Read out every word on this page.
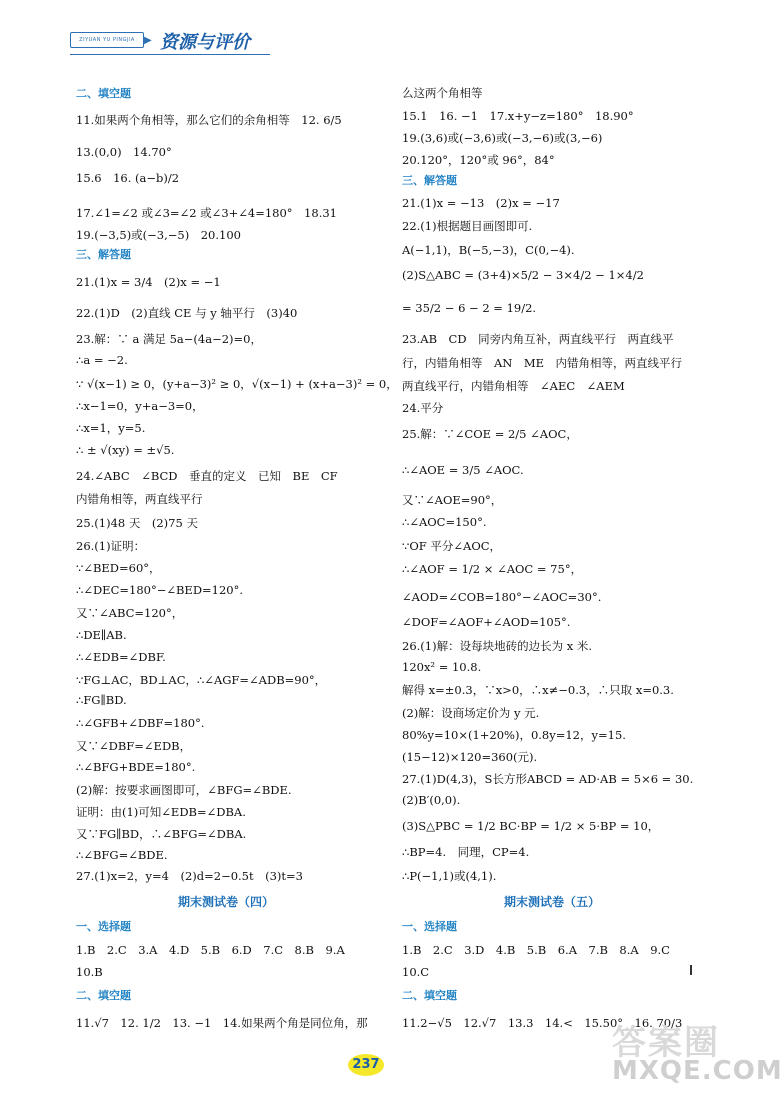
ZIYUAN YU PINGJIA ▶ 资源与评价
二、填空题
11.如果两个角相等，那么它们的余角相等　12. 6/5
13.(0,0)　14.70°
15.6　16. (a−b)/2
17.∠1=∠2 或∠3=∠2 或∠3+∠4=180°　18.31
19.(−3,5)或(−3,−5)　20.100
三、解答题
21.(1)x = 3/4　(2)x = −1
22.(1)D　(2)直线 CE 与 y 轴平行　(3)40
23.解：∵ a 满足 5a−(4a−2)=0，
∴a = −2.
∵ √(x−1) ≥ 0，(y+a−3)² ≥ 0，√(x−1) + (x+a−3)² = 0，
∴x−1=0，y+a−3=0，
∴x=1，y=5.
∴ ± √(xy) = ±√5.
24.∠ABC　∠BCD　垂直的定义　已知　BE　CF
内错角相等，两直线平行
25.(1)48 天　(2)75 天
26.(1)证明：
∵∠BED=60°，
∴∠DEC=180°−∠BED=120°.
又∵∠ABC=120°，
∴DE∥AB.
∴∠EDB=∠DBF.
∵FG⊥AC，BD⊥AC，∴∠AGF=∠ADB=90°，
∴FG∥BD.
∴∠GFB+∠DBF=180°.
又∵∠DBF=∠EDB，
∴∠BFG+BDE=180°.
(2)解：按要求画图即可，∠BFG=∠BDE.
证明：由(1)可知∠EDB=∠DBA.
又∵FG∥BD，∴∠BFG=∠DBA.
∴∠BFG=∠BDE.
27.(1)x=2，y=4　(2)d=2−0.5t　(3)t=3
期末测试卷（四）
一、选择题
1.B　2.C　3.A　4.D　5.B　6.D　7.C　8.B　9.A
10.B
二、填空题
11.√7　12. 1/2　13. −1　14.如果两个角是同位角，那
么这两个角相等
15.1　16. −1　17.x+y−z=180°　18.90°
19.(3,6)或(−3,6)或(−3,−6)或(3,−6)
20.120°，120°或 96°，84°
三、解答题
21.(1)x = −13　(2)x = −17
22.(1)根据题目画图即可.
A(−1,1)，B(−5,−3)，C(0,−4).
(2)S△ABC = (3+4)×5/2 − 3×4/2 − 1×4/2
= 35/2 − 6 − 2 = 19/2.
23.AB　CD　同旁内角互补，两直线平行　两直线平
行，内错角相等　AN　ME　内错角相等，两直线平行
两直线平行，内错角相等　∠AEC　∠AEM
24.平分
25.解：∵∠COE = 2/5 ∠AOC，
∴∠AOE = 3/5 ∠AOC.
又∵∠AOE=90°，
∴∠AOC=150°.
∵OF 平分∠AOC，
∴∠AOF = 1/2 × ∠AOC = 75°，
∠AOD=∠COB=180°−∠AOC=30°.
∠DOF=∠AOF+∠AOD=105°.
26.(1)解：设每块地砖的边长为 x 米.
120x² = 10.8.
解得 x=±0.3，∵x>0，∴x≠−0.3，∴只取 x=0.3.
(2)解：设商场定价为 y 元.
80%y=10×(1+20%)，0.8y=12，y=15.
(15−12)×120=360(元).
27.(1)D(4,3)，S长方形ABCD = AD·AB = 5×6 = 30.
(2)B′(0,0).
(3)S△PBC = 1/2 BC·BP = 1/2 × 5·BP = 10，
∴BP=4.　同理，CP=4.
∴P(−1,1)或(4,1).
期末测试卷（五）
一、选择题
1.B　2.C　3.D　4.B　5.B　6.A　7.B　8.A　9.C
10.C
二、填空题
11.2−√5　12.√7　13.3　14.<　15.50°　16. 70/3
237
答案圈
MXQE.COM
